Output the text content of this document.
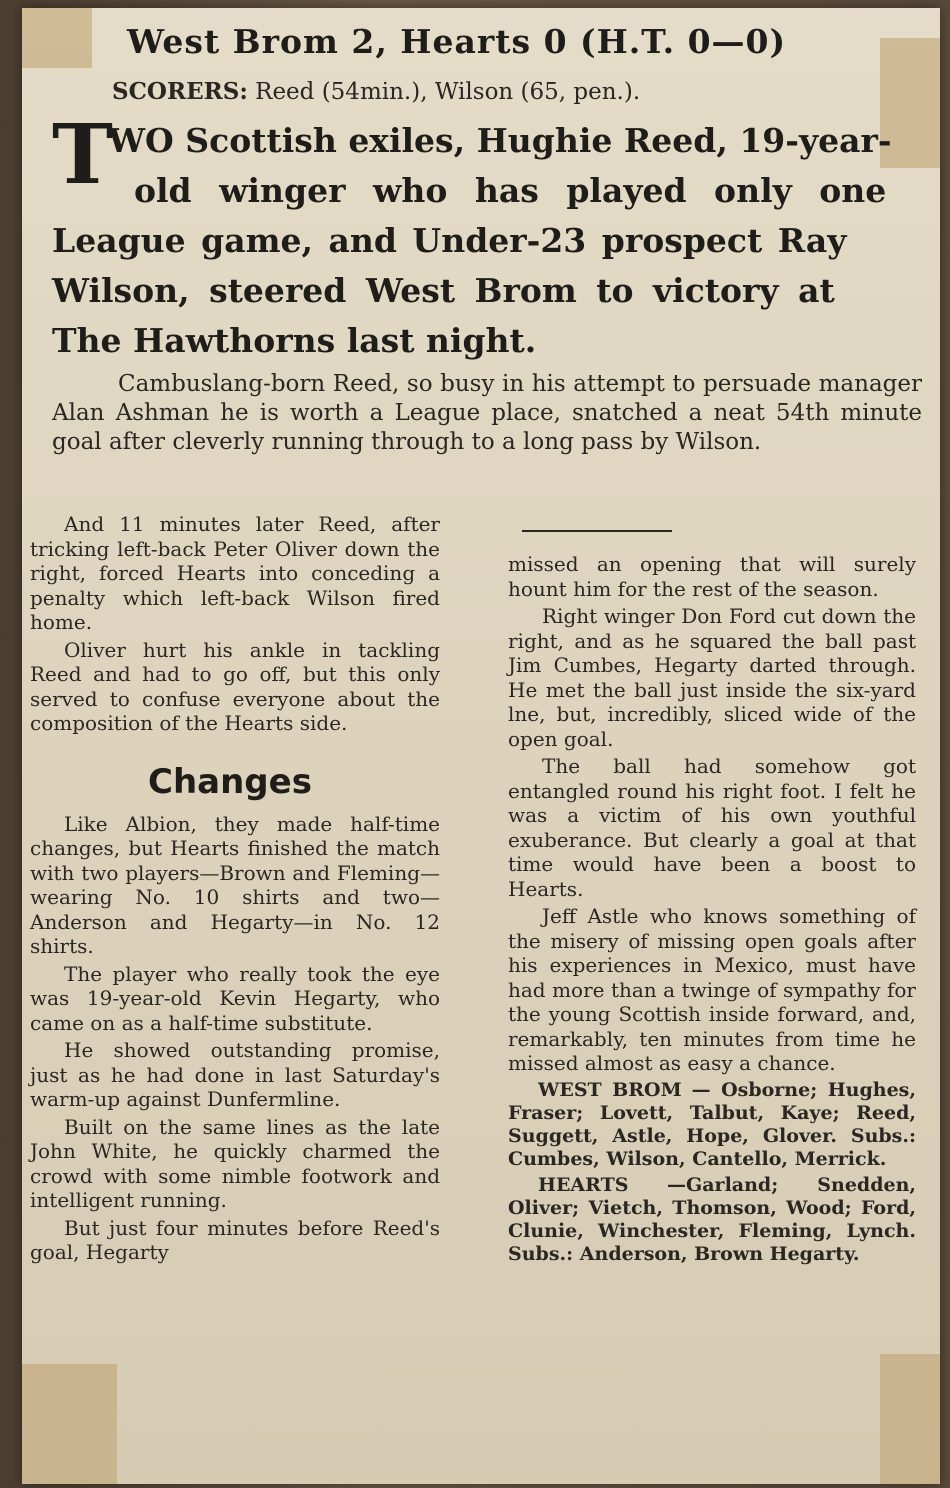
West Brom 2, Hearts 0 (H.T. 0—0)
SCORERS: Reed (54min.), Wilson (65, pen.).
T
WO Scottish exiles, Hughie Reed, 19-year-
old winger who has played only one
League game, and Under-23 prospect Ray
Wilson, steered West Brom to victory at
The Hawthorns last night.
Cambuslang-born Reed, so busy in his attempt to persuade manager Alan Ashman he is worth a League place, snatched a neat 54th minute goal after cleverly running through to a long pass by Wilson.

And 11 minutes later Reed, after tricking left-back Peter Oliver down the right, forced Hearts into conceding a penalty which left-back Wilson fired home.

Oliver hurt his ankle in tackling Reed and had to go off, but this only served to confuse everyone about the composition of the Hearts side.

Changes

Like Albion, they made half-time changes, but Hearts finished the match with two players—Brown and Fleming—wearing No. 10 shirts and two—Anderson and Hegarty—in No. 12 shirts.

The player who really took the eye was 19-year-old Kevin Hegarty, who came on as a half-time substitute.

He showed outstanding promise, just as he had done in last Saturday's warm-up against Dunfermline.

Built on the same lines as the late John White, he quickly charmed the crowd with some nimble footwork and intelligent running.

But just four minutes before Reed's goal, Hegarty

missed an opening that will surely hount him for the rest of the season.

Right winger Don Ford cut down the right, and as he squared the ball past Jim Cumbes, Hegarty darted through. He met the ball just inside the six-yard lne, but, incredibly, sliced wide of the open goal.

The ball had somehow got entangled round his right foot. I felt he was a victim of his own youthful exuberance. But clearly a goal at that time would have been a boost to Hearts.

Jeff Astle who knows something of the misery of missing open goals after his experiences in Mexico, must have had more than a twinge of sympathy for the young Scottish inside forward, and, remarkably, ten minutes from time he missed almost as easy a chance.

WEST BROM — Osborne; Hughes, Fraser; Lovett, Talbut, Kaye; Reed, Suggett, Astle, Hope, Glover. Subs.: Cumbes, Wilson, Cantello, Merrick.

HEARTS —Garland; Snedden, Oliver; Vietch, Thomson, Wood; Ford, Clunie, Winchester, Fleming, Lynch. Subs.: Anderson, Brown Hegarty.
